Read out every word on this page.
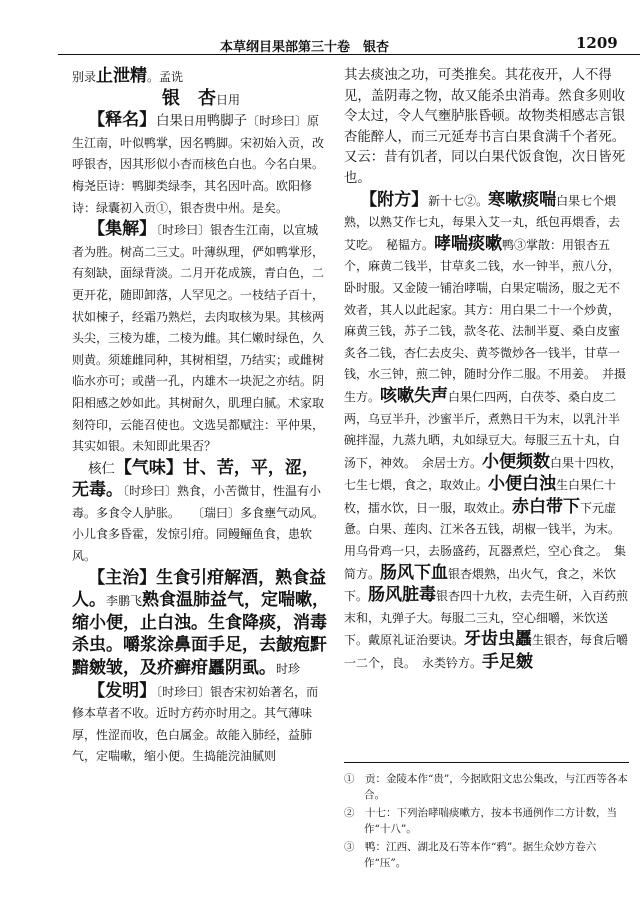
本草纲目果部第三十卷　银杏	1209

别录止泄精。孟诜

银　杏日用

【释名】白果日用鸭脚子〔时珍曰〕原生江南，叶似鸭掌，因名鸭脚。宋初始入贡，改呼银杏，因其形似小杏而核色白也。今名白果。梅尧臣诗：鸭脚类绿李，其名因叶高。欧阳修诗：绿囊初入贡①，银杏贵中州。是矣。

【集解】〔时珍曰〕银杏生江南，以宣城者为胜。树高二三丈。叶薄纵理，俨如鸭掌形，有刻缺，面绿背淡。二月开花成簇，青白色，二更开花，随即卸落，人罕见之。一枝结子百十，状如楝子，经霜乃熟烂，去肉取核为果。其核两头尖，三棱为雄，二棱为雌。其仁嫩时绿色，久则黄。须雄雌同种，其树相望，乃结实；或雌树临水亦可；或凿一孔，内雄木一块泥之亦结。阴阳相感之妙如此。其树耐久，肌理白腻。术家取刻符印，云能召使也。文选吴都赋注：平仲果，其实如银。未知即此果否？

核仁【气味】甘、苦，平，涩，无毒。〔时珍曰〕熟食，小苦微甘，性温有小毒。多食令人胪胀。　　〔瑞曰〕多食壅气动风。小儿食多昏霍，发惊引疳。同鳗鲡鱼食，患软风。

【主治】生食引疳解酒，熟食益人。李鹏飞熟食温肺益气，定喘嗽，缩小便，止白浊。生食降痰，消毒杀虫。嚼浆涂鼻面手足，去皶疱䵟黯皴皱，及疥癣疳䘌阴虱。时珍

【发明】〔时珍曰〕银杏宋初始著名，而修本草者不收。近时方药亦时用之。其气薄味厚，性涩而收，色白属金。故能入肺经，益肺气，定喘嗽，缩小便。生捣能浣油腻则

其去痰浊之功，可类推矣。其花夜开，人不得见，盖阴毒之物，故又能杀虫消毒。然食多则收令太过，令人气壅胪胀昏顿。故物类相感志言银杏能醉人，而三元延寿书言白果食满千个者死。又云：昔有饥者，同以白果代饭食饱，次日皆死也。

【附方】新十七②。寒嗽痰喘白果七个煨熟，以熟艾作七丸，每果入艾一丸，纸包再煨香，去艾吃。　秘韫方。哮喘痰嗽鸭③掌散：用银杏五个，麻黄二钱半，甘草炙二钱，水一钟半，煎八分，卧时服。又金陵一铺治哮喘，白果定喘汤，服之无不效者，其人以此起家。其方：用白果二十一个炒黄，麻黄三钱，苏子二钱，款冬花、法制半夏、桑白皮蜜炙各二钱，杏仁去皮尖、黄芩微炒各一钱半，甘草一钱，水三钟，煎二钟，随时分作二服。不用姜。　并摄生方。咳嗽失声白果仁四两，白茯苓、桑白皮二两，乌豆半升，沙蜜半斤，煮熟日干为末，以乳汁半碗拌湿，九蒸九晒，丸如绿豆大。每服三五十丸，白汤下，神效。　余居士方。小便频数白果十四枚，七生七煨，食之，取效止。小便白浊生白果仁十枚，擂水饮，日一服，取效止。赤白带下下元虚惫。白果、莲肉、江米各五钱，胡椒一钱半，为末。用乌骨鸡一只，去肠盛药，瓦器煮烂，空心食之。　集简方。肠风下血银杏煨熟，出火气，食之，米饮下。肠风脏毒银杏四十九枚，去壳生研，入百药煎末和，丸弹子大。每服二三丸，空心细嚼，米饮送下。戴原礼证治要诀。牙齿虫䘌生银杏，每食后嚼一二个，良。　永类钤方。手足皴

①　贡：金陵本作“贵”，今据欧阳文忠公集改，与江西等各本合。

②　十七：下列治哮喘痰嗽方，按本书通例作二方计数，当作“十八”。

③　鸭：江西、湖北及石等本作“鸦”。据生众妙方卷六作“压”。
